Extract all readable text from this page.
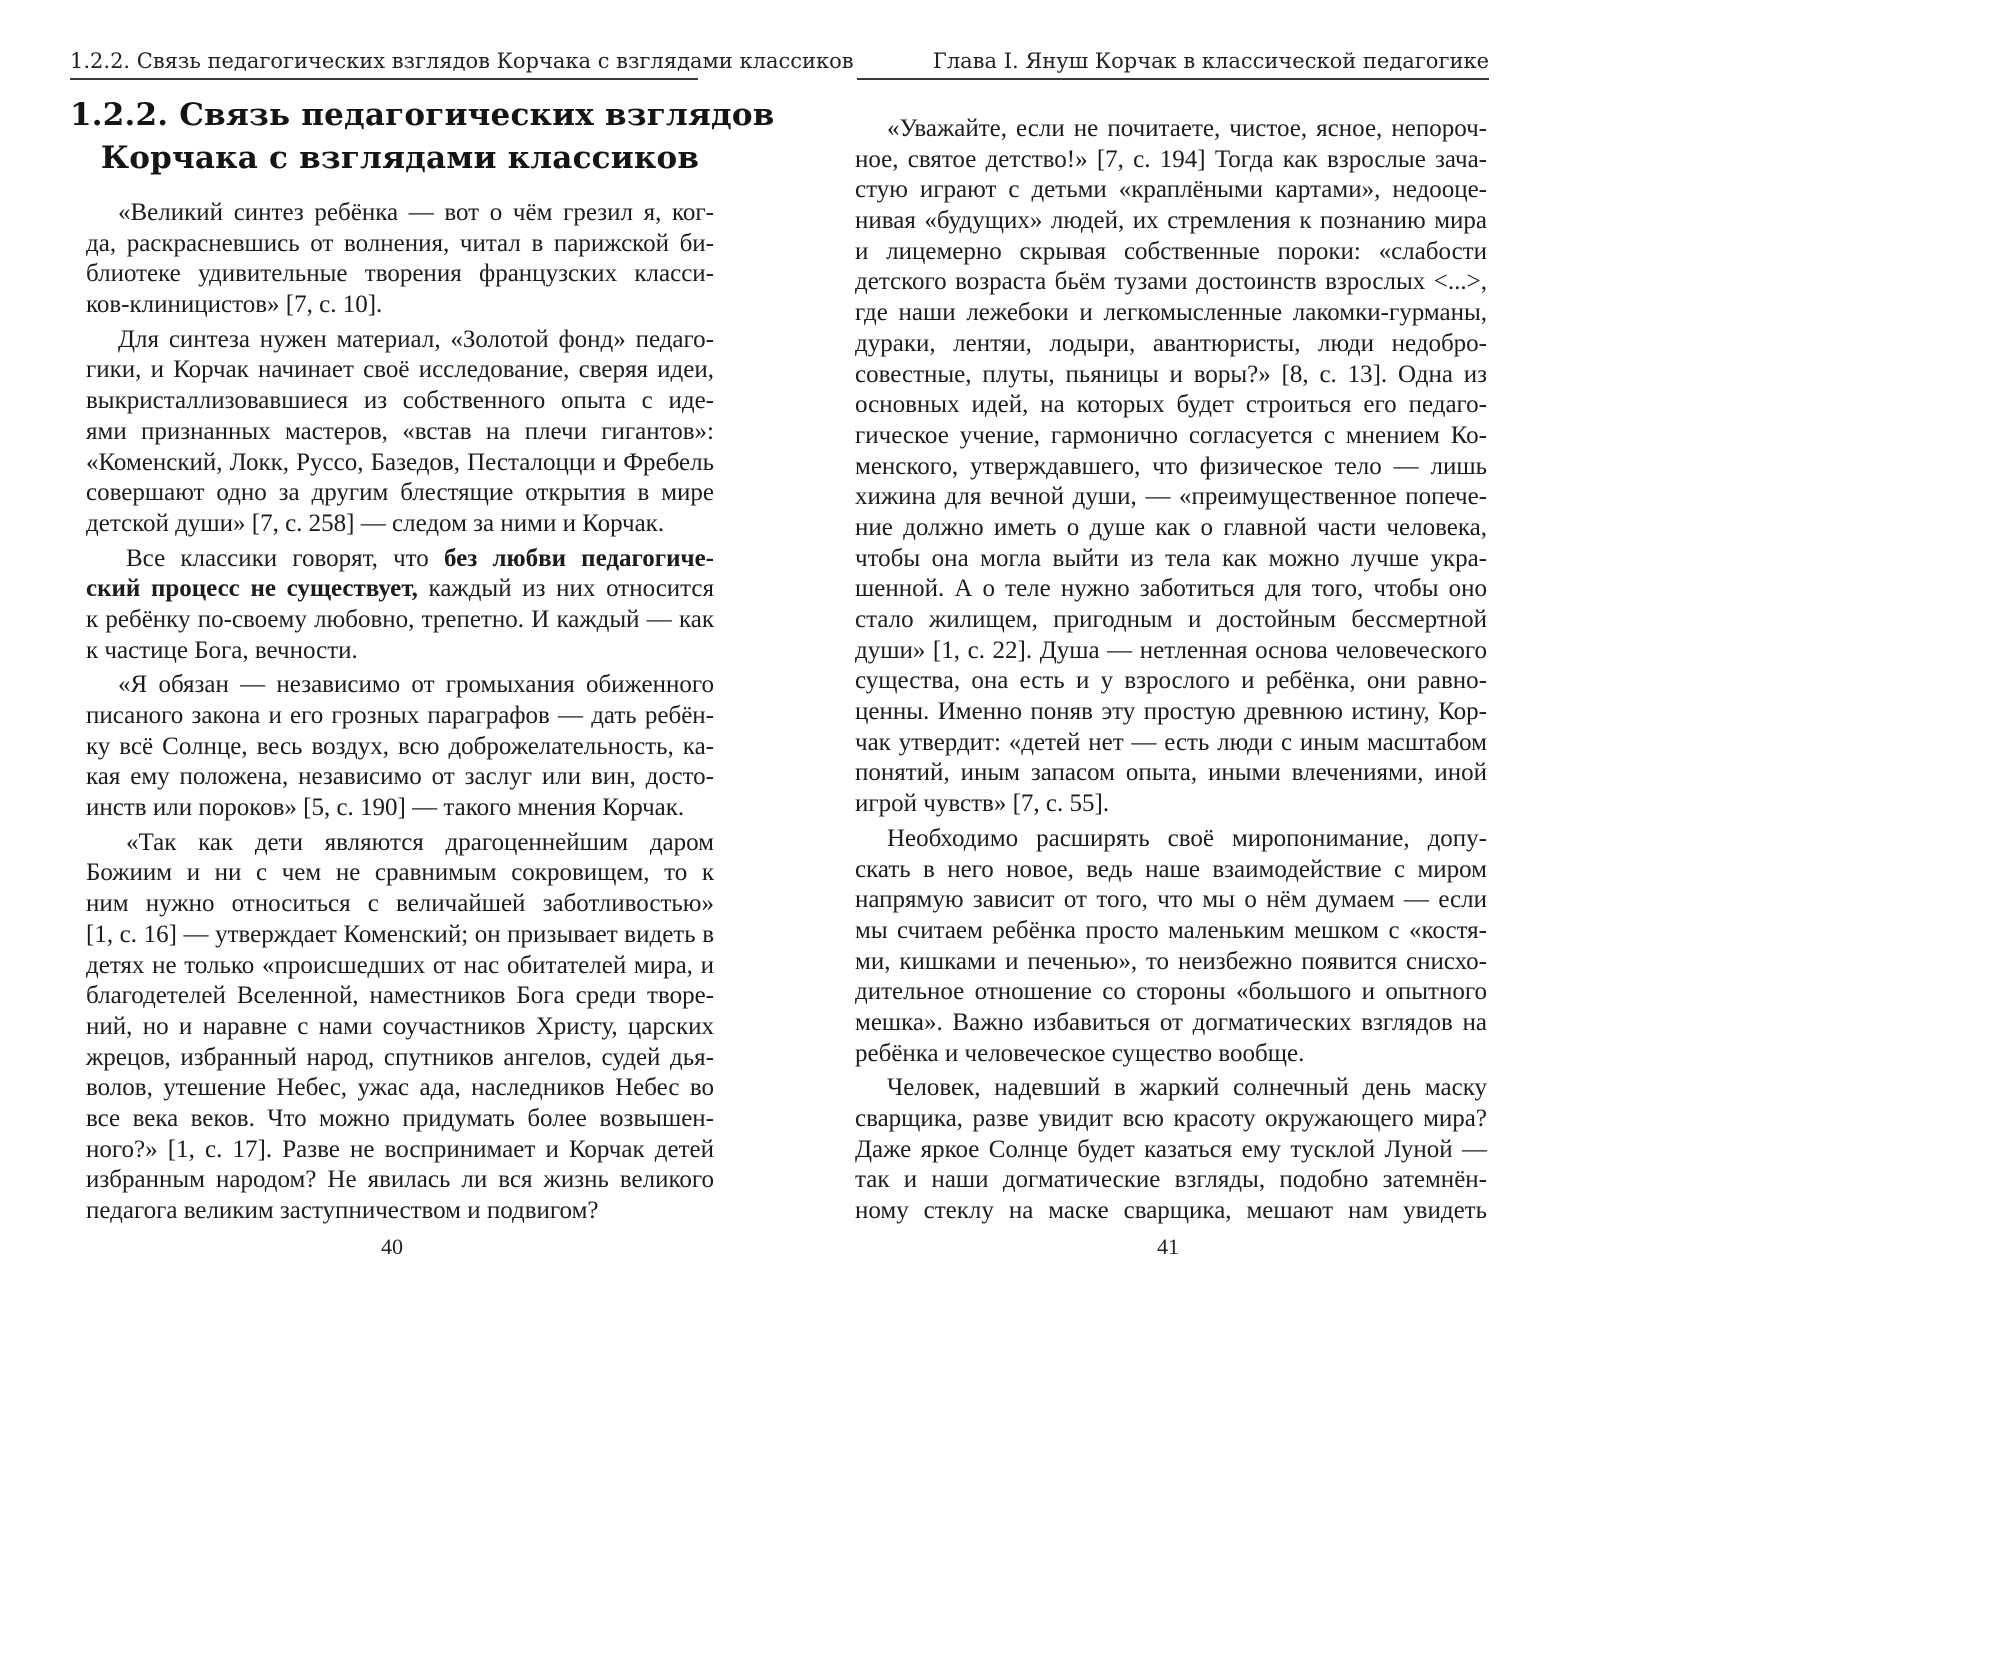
1.2.2. Связь педагогических взглядов Корчака с взглядами классиков
1.2.2. Связь педагогических взглядов
Корчака с взглядами классиков
«Великий синтез ребёнка — вот о чём грезил я, ког-
да, раскрасневшись от волнения, читал в парижской би-
блиотеке удивительные творения французских класси-
ков-клиницистов» [7, с. 10].
Для синтеза нужен материал, «Золотой фонд» педаго-
гики, и Корчак начинает своё исследование, сверяя идеи,
выкристаллизовавшиеся из собственного опыта с иде-
ями признанных мастеров, «встав на плечи гигантов»:
«Коменский, Локк, Руссо, Базедов, Песталоцци и Фребель
совершают одно за другим блестящие открытия в мире
детской души» [7, с. 258] — следом за ними и Корчак.
Все классики говорят, что без любви педагогиче-
ский процесс не существует, каждый из них относится
к ребёнку по-своему любовно, трепетно. И каждый — как
к частице Бога, вечности.
«Я обязан — независимо от громыхания обиженного
писаного закона и его грозных параграфов — дать ребён-
ку всё Солнце, весь воздух, всю доброжелательность, ка-
кая ему положена, независимо от заслуг или вин, досто-
инств или пороков» [5, с. 190] — такого мнения Корчак.
«Так как дети являются драгоценнейшим даром
Божиим и ни с чем не сравнимым сокровищем, то к
ним нужно относиться с величайшей заботливостью»
[1, с. 16] — утверждает Коменский; он призывает видеть в
детях не только «происшедших от нас обитателей мира, и
благодетелей Вселенной, наместников Бога среди творе-
ний, но и наравне с нами соучастников Христу, царских
жрецов, избранный народ, спутников ангелов, судей дья-
волов, утешение Небес, ужас ада, наследников Небес во
все века веков. Что можно придумать более возвышен-
ного?» [1, с. 17]. Разве не воспринимает и Корчак детей
избранным народом? Не явилась ли вся жизнь великого
педагога великим заступничеством и подвигом?
40
Глава I. Януш Корчак в классической педагогике
«Уважайте, если не почитаете, чистое, ясное, непороч-
ное, святое детство!» [7, с. 194] Тогда как взрослые зача-
стую играют с детьми «краплёными картами», недооце-
нивая «будущих» людей, их стремления к познанию мира
и лицемерно скрывая собственные пороки: «слабости
детского возраста бьём тузами достоинств взрослых <...>,
где наши лежебоки и легкомысленные лакомки-гурманы,
дураки, лентяи, лодыри, авантюристы, люди недобро-
совестные, плуты, пьяницы и воры?» [8, с. 13]. Одна из
основных идей, на которых будет строиться его педаго-
гическое учение, гармонично согласуется с мнением Ко-
менского, утверждавшего, что физическое тело — лишь
хижина для вечной души, — «преимущественное попече-
ние должно иметь о душе как о главной части человека,
чтобы она могла выйти из тела как можно лучше укра-
шенной. А о теле нужно заботиться для того, чтобы оно
стало жилищем, пригодным и достойным бессмертной
души» [1, с. 22]. Душа — нетленная основа человеческого
существа, она есть и у взрослого и ребёнка, они равно-
ценны. Именно поняв эту простую древнюю истину, Кор-
чак утвердит: «детей нет — есть люди с иным масштабом
понятий, иным запасом опыта, иными влечениями, иной
игрой чувств» [7, с. 55].
Необходимо расширять своё миропонимание, допу-
скать в него новое, ведь наше взаимодействие с миром
напрямую зависит от того, что мы о нём думаем — если
мы считаем ребёнка просто маленьким мешком с «костя-
ми, кишками и печенью», то неизбежно появится снисхо-
дительное отношение со стороны «большого и опытного
мешка». Важно избавиться от догматических взглядов на
ребёнка и человеческое существо вообще.
Человек, надевший в жаркий солнечный день маску
сварщика, разве увидит всю красоту окружающего мира?
Даже яркое Солнце будет казаться ему тусклой Луной —
так и наши догматические взгляды, подобно затемнён-
ному стеклу на маске сварщика, мешают нам увидеть
41
